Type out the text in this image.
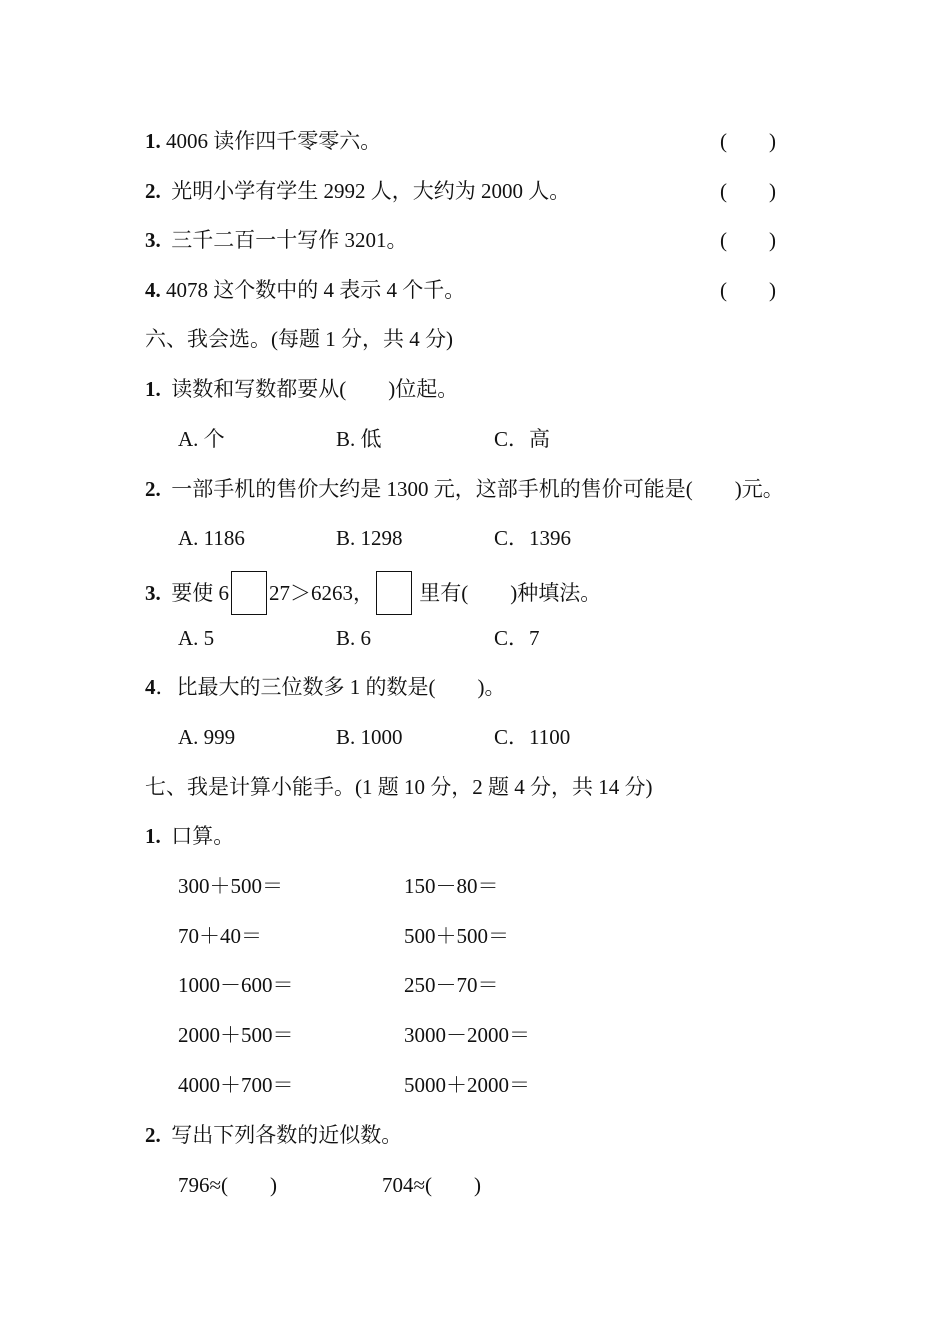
1. 4006 读作四千零零六。	(　　)
2.  光明小学有学生 2992 人，大约为 2000 人。	(　　)
3.  三千二百一十写作 3201。	(　　)
4. 4078 这个数中的 4 表示 4 个千。	(　　)
六、我会选。(每题 1 分，共 4 分)
1.  读数和写数都要从(　　)位起。
A. 个	B. 低	C．高
2.  一部手机的售价大约是 1300 元，这部手机的售价可能是(　　)元。
A. 1186	B. 1298	C．1396
3.  要使 6 27＞6263， 里有(　　)种填法。
A. 5	B. 6	C．7
4．比最大的三位数多 1 的数是(　　)。
A. 999	B. 1000	C．1100
七、我是计算小能手。(1 题 10 分，2 题 4 分，共 14 分)
1.  口算。
300＋500＝	150－80＝
70＋40＝	500＋500＝
1000－600＝	250－70＝
2000＋500＝	3000－2000＝
4000＋700＝	5000＋2000＝
2.  写出下列各数的近似数。
796≈(　　)	704≈(　　)
